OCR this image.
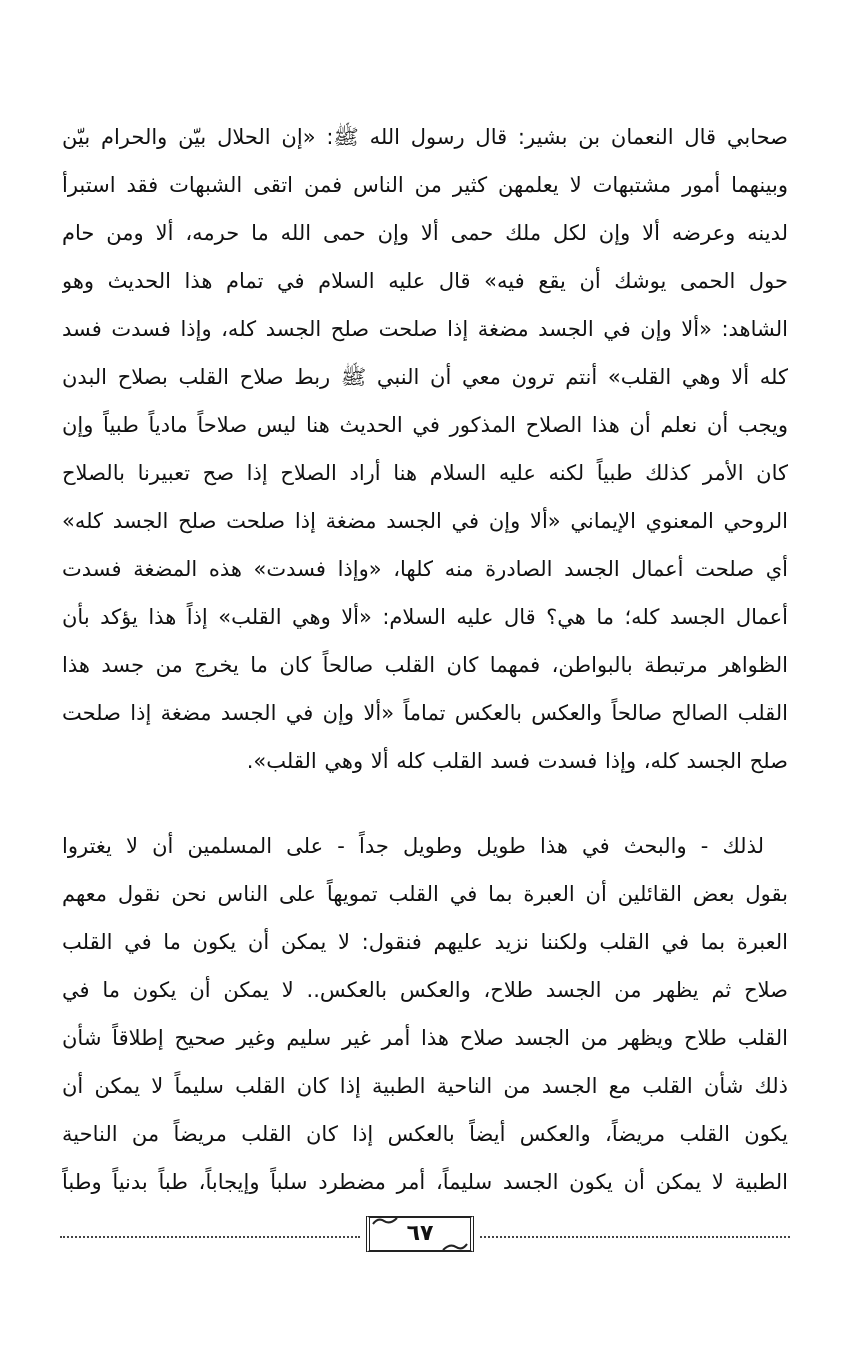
صحابي قال النعمان بن بشير: قال رسول الله ﷺ: «إن الحلال بيّن والحرام بيّن
وبينهما أمور مشتبهات لا يعلمهن كثير من الناس فمن اتقى الشبهات فقد استبرأ
لدينه وعرضه ألا وإن لكل ملك حمى ألا وإن حمى الله ما حرمه، ألا ومن حام
حول الحمى يوشك أن يقع فيه» قال عليه السلام في تمام هذا الحديث وهو
الشاهد: «ألا وإن في الجسد مضغة إذا صلحت صلح الجسد كله، وإذا فسدت فسد
كله ألا وهي القلب» أنتم ترون معي أن النبي ﷺ ربط صلاح القلب بصلاح البدن
ويجب أن نعلم أن هذا الصلاح المذكور في الحديث هنا ليس صلاحاً مادياً طبياً وإن
كان الأمر كذلك طبياً لكنه عليه السلام هنا أراد الصلاح إذا صح تعبيرنا بالصلاح
الروحي المعنوي الإيماني «ألا وإن في الجسد مضغة إذا صلحت صلح الجسد كله»
أي صلحت أعمال الجسد الصادرة منه كلها، «وإذا فسدت» هذه المضغة فسدت
أعمال الجسد كله؛ ما هي؟ قال عليه السلام: «ألا وهي القلب» إذاً هذا يؤكد بأن
الظواهر مرتبطة بالبواطن، فمهما كان القلب صالحاً كان ما يخرج من جسد هذا
القلب الصالح صالحاً والعكس بالعكس تماماً «ألا وإن في الجسد مضغة إذا صلحت
صلح الجسد كله، وإذا فسدت فسد القلب كله ألا وهي القلب».
لذلك - والبحث في هذا طويل وطويل جداً - على المسلمين أن لا يغتروا
بقول بعض القائلين أن العبرة بما في القلب تمويهاً على الناس نحن نقول معهم
العبرة بما في القلب ولكننا نزيد عليهم فنقول: لا يمكن أن يكون ما في القلب
صلاح ثم يظهر من الجسد طلاح، والعكس بالعكس.. لا يمكن أن يكون ما في
القلب طلاح ويظهر من الجسد صلاح هذا أمر غير سليم وغير صحيح إطلاقاً شأن
ذلك شأن القلب مع الجسد من الناحية الطبية إذا كان القلب سليماً لا يمكن أن
يكون القلب مريضاً، والعكس أيضاً بالعكس إذا كان القلب مريضاً من الناحية
الطبية لا يمكن أن يكون الجسد سليماً، أمر مضطرد سلباً وإيجاباً، طباً بدنياً وطباً
٦٧
